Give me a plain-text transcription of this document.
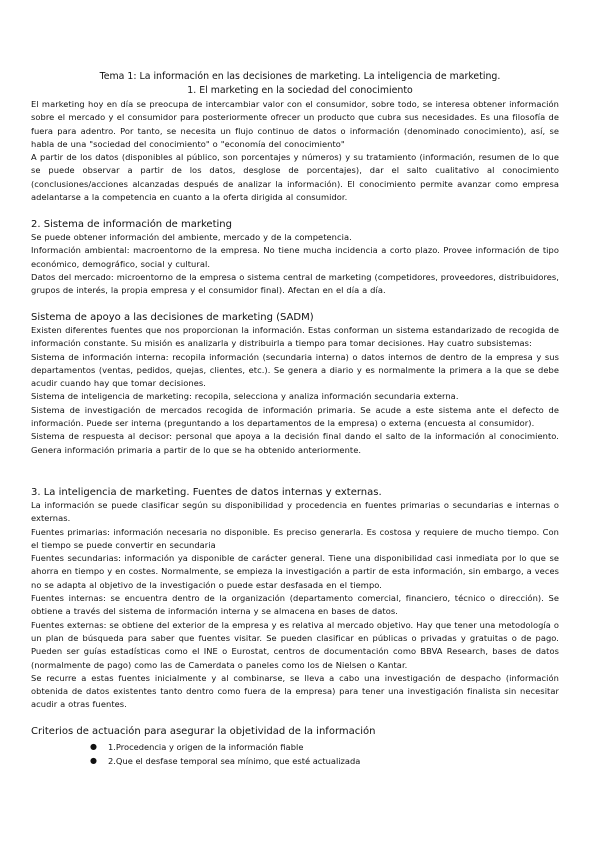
Tema 1: La información en las decisiones de marketing. La inteligencia de marketing.
1. El marketing en la sociedad del conocimiento

El marketing hoy en día se preocupa de intercambiar valor con el consumidor, sobre todo, se interesa obtener información sobre el mercado y el consumidor para posteriormente ofrecer un producto que cubra sus necesidades. Es una filosofía de fuera para adentro. Por tanto, se necesita un flujo continuo de datos o información (denominado conocimiento), así, se habla de una "sociedad del conocimiento" o "economía del conocimiento"

A partir de los datos (disponibles al público, son porcentajes y números) y su tratamiento (información, resumen de lo que se puede observar a partir de los datos, desglose de porcentajes), dar el salto cualitativo al conocimiento (conclusiones/acciones alcanzadas después de analizar la información). El conocimiento permite avanzar como empresa adelantarse a la competencia en cuanto a la oferta dirigida al consumidor.

2. Sistema de información de marketing

Se puede obtener información del ambiente, mercado y de la competencia.

Información ambiental: macroentorno de la empresa. No tiene mucha incidencia a corto plazo. Provee información de tipo económico, demográfico, social y cultural.

Datos del mercado: microentorno de la empresa o sistema central de marketing (competidores, proveedores, distribuidores, grupos de interés, la propia empresa y el consumidor final). Afectan en el día a día.

Sistema de apoyo a las decisiones de marketing (SADM)

Existen diferentes fuentes que nos proporcionan la información. Estas conforman un sistema estandarizado de recogida de información constante. Su misión es analizarla y distribuirla a tiempo para tomar decisiones. Hay cuatro subsistemas:

Sistema de información interna: recopila información (secundaria interna) o datos internos de dentro de la empresa y sus departamentos (ventas, pedidos, quejas, clientes, etc.). Se genera a diario y es normalmente la primera a la que se debe acudir cuando hay que tomar decisiones.

Sistema de inteligencia de marketing: recopila, selecciona y analiza información secundaria externa.

Sistema de investigación de mercados recogida de información primaria. Se acude a este sistema ante el defecto de información. Puede ser interna (preguntando a los departamentos de la empresa) o externa (encuesta al consumidor).

Sistema de respuesta al decisor: personal que apoya a la decisión final dando el salto de la información al conocimiento. Genera información primaria a partir de lo que se ha obtenido anteriormente.

3. La inteligencia de marketing. Fuentes de datos internas y externas.

La información se puede clasificar según su disponibilidad y procedencia en fuentes primarias o secundarias e internas o externas.

Fuentes primarias: información necesaria no disponible. Es preciso generarla. Es costosa y requiere de mucho tiempo. Con el tiempo se puede convertir en secundaria

Fuentes secundarias: información ya disponible de carácter general. Tiene una disponibilidad casi inmediata por lo que se ahorra en tiempo y en costes. Normalmente, se empieza la investigación a partir de esta información, sin embargo, a veces no se adapta al objetivo de la investigación o puede estar desfasada en el tiempo.

Fuentes internas: se encuentra dentro de la organización (departamento comercial, financiero, técnico o dirección). Se obtiene a través del sistema de información interna y se almacena en bases de datos.

Fuentes externas: se obtiene del exterior de la empresa y es relativa al mercado objetivo. Hay que tener una metodología o un plan de búsqueda para saber que fuentes visitar. Se pueden clasificar en públicas o privadas y gratuitas o de pago. Pueden ser guías estadísticas como el INE o Eurostat, centros de documentación como BBVA Research, bases de datos (normalmente de pago) como las de Camerdata o paneles como los de Nielsen o Kantar.

Se recurre a estas fuentes inicialmente y al combinarse, se lleva a cabo una investigación de despacho (información obtenida de datos existentes tanto dentro como fuera de la empresa) para tener una investigación finalista sin necesitar acudir a otras fuentes.

Criterios de actuación para asegurar la objetividad de la información
● 1.Procedencia y origen de la información fiable
● 2.Que el desfase temporal sea mínimo, que esté actualizada
